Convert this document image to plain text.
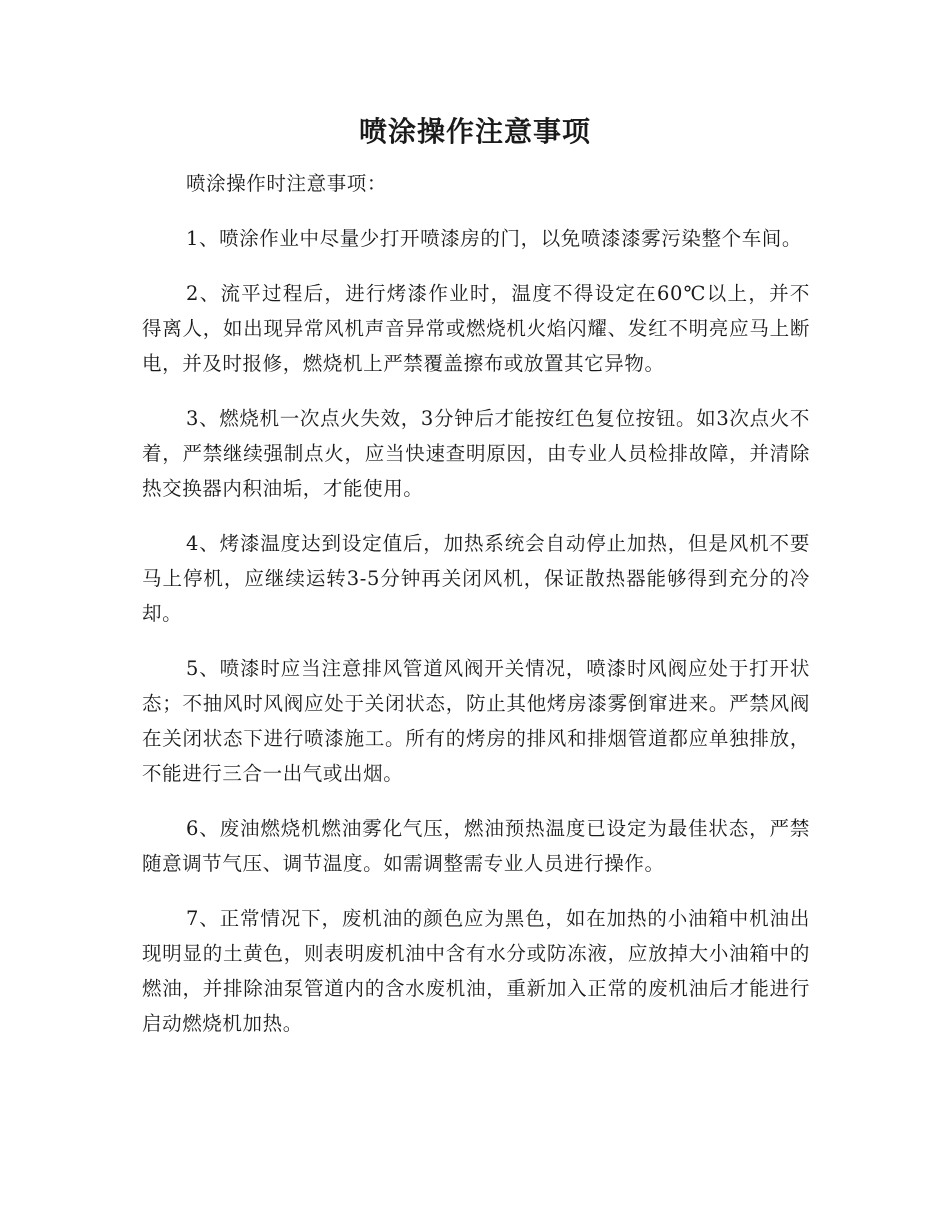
喷涂操作注意事项

喷涂操作时注意事项：

1、喷涂作业中尽量少打开喷漆房的门，以免喷漆漆雾污染整个车间。

2、流平过程后，进行烤漆作业时，温度不得设定在60℃以上，并不得离人，如出现异常风机声音异常或燃烧机火焰闪耀、发红不明亮应马上断电，并及时报修，燃烧机上严禁覆盖擦布或放置其它异物。

3、燃烧机一次点火失效，3分钟后才能按红色复位按钮。如3次点火不着，严禁继续强制点火，应当快速查明原因，由专业人员检排故障，并清除热交换器内积油垢，才能使用。

4、烤漆温度达到设定值后，加热系统会自动停止加热，但是风机不要马上停机，应继续运转3-5分钟再关闭风机，保证散热器能够得到充分的冷却。

5、喷漆时应当注意排风管道风阀开关情况，喷漆时风阀应处于打开状态；不抽风时风阀应处于关闭状态，防止其他烤房漆雾倒窜进来。严禁风阀在关闭状态下进行喷漆施工。所有的烤房的排风和排烟管道都应单独排放，不能进行三合一出气或出烟。

6、废油燃烧机燃油雾化气压，燃油预热温度已设定为最佳状态，严禁随意调节气压、调节温度。如需调整需专业人员进行操作。

7、正常情况下，废机油的颜色应为黑色，如在加热的小油箱中机油出现明显的土黄色，则表明废机油中含有水分或防冻液，应放掉大小油箱中的燃油，并排除油泵管道内的含水废机油，重新加入正常的废机油后才能进行启动燃烧机加热。
